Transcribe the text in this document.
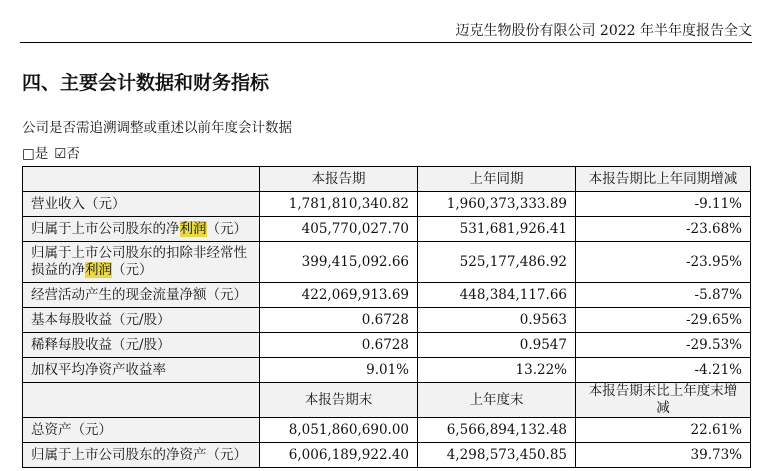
迈克生物股份有限公司 2022 年半年度报告全文
四、主要会计数据和财务指标
公司是否需追溯调整或重述以前年度会计数据
□是 ☑否
	本报告期	上年同期	本报告期比上年同期增减
营业收入（元）	1,781,810,340.82	1,960,373,333.89	-9.11%
归属于上市公司股东的净利润（元）	405,770,027.70	531,681,926.41	-23.68%
归属于上市公司股东的扣除非经常性损益的净利润（元）	399,415,092.66	525,177,486.92	-23.95%
经营活动产生的现金流量净额（元）	422,069,913.69	448,384,117.66	-5.87%
基本每股收益（元/股）	0.6728	0.9563	-29.65%
稀释每股收益（元/股）	0.6728	0.9547	-29.53%
加权平均净资产收益率	9.01%	13.22%	-4.21%
	本报告期末	上年度末	本报告期末比上年度末增减
总资产（元）	8,051,860,690.00	6,566,894,132.48	22.61%
归属于上市公司股东的净资产（元）	6,006,189,922.40	4,298,573,450.85	39.73%
